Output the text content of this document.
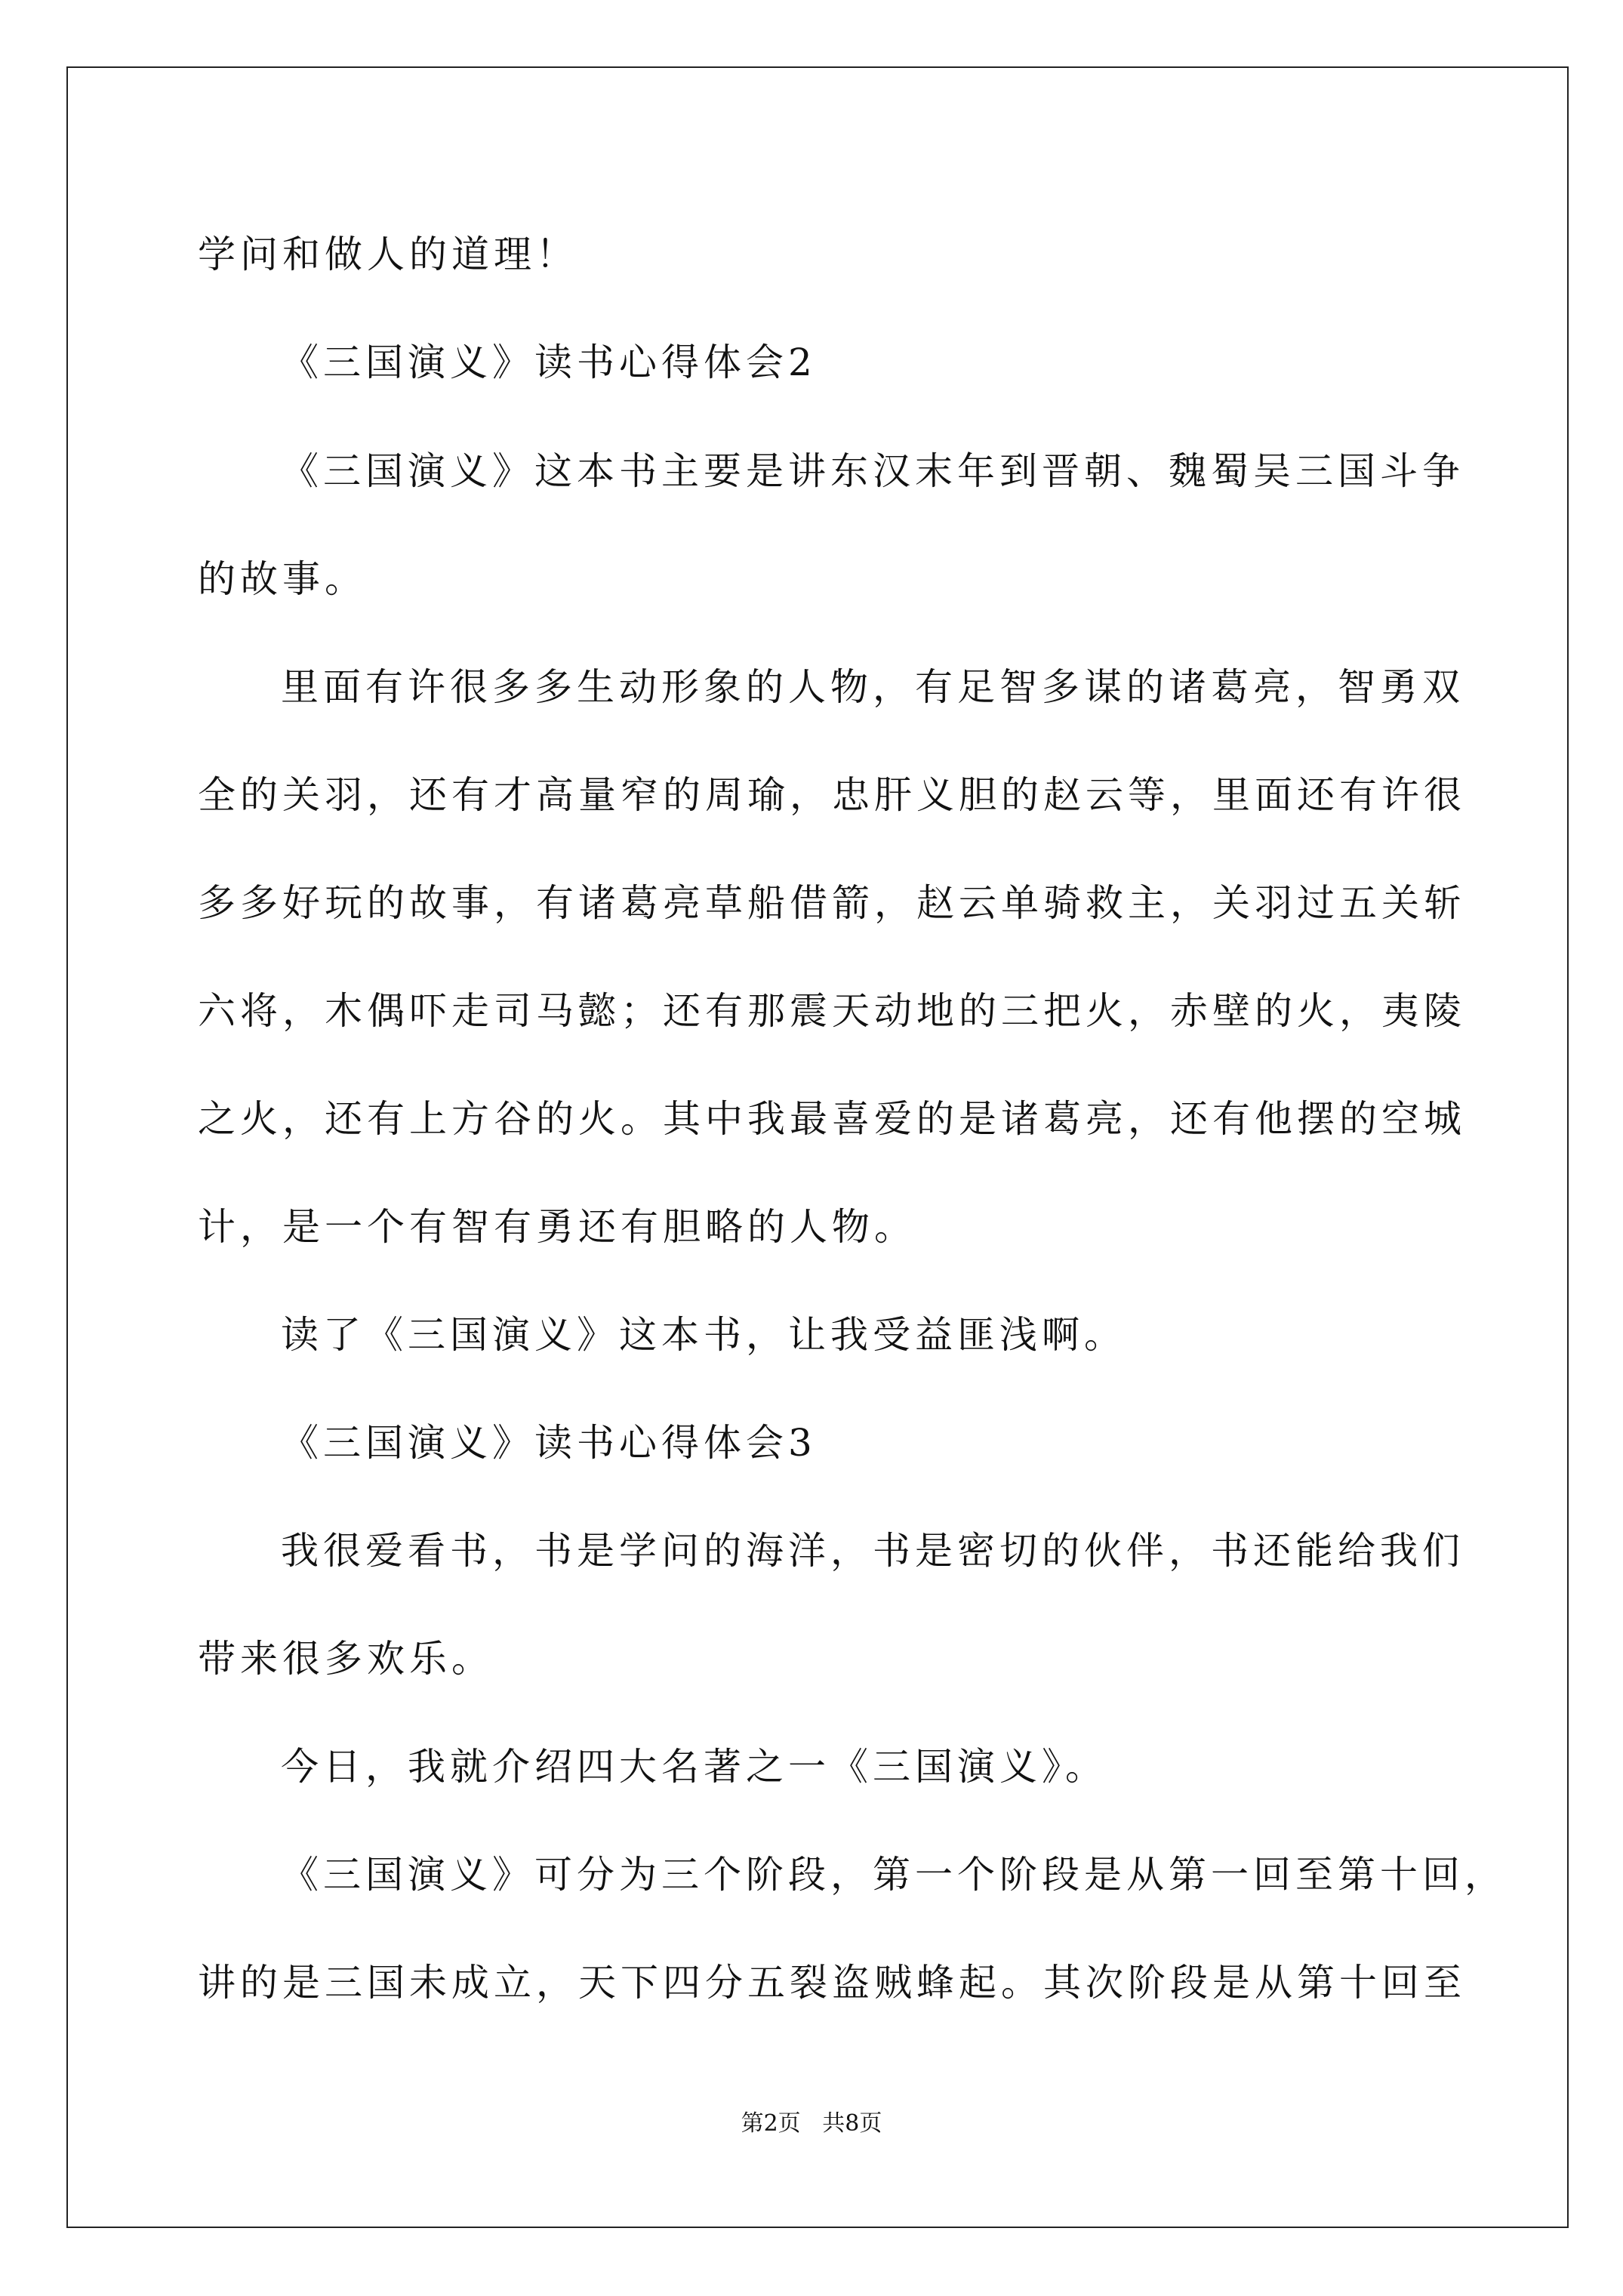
学问和做人的道理！
《三国演义》读书心得体会2
《三国演义》这本书主要是讲东汉末年到晋朝、魏蜀吴三国斗争
的故事。
里面有许很多多生动形象的人物，有足智多谋的诸葛亮，智勇双
全的关羽，还有才高量窄的周瑜，忠肝义胆的赵云等，里面还有许很
多多好玩的故事，有诸葛亮草船借箭，赵云单骑救主，关羽过五关斩
六将，木偶吓走司马懿；还有那震天动地的三把火，赤壁的火，夷陵
之火，还有上方谷的火。其中我最喜爱的是诸葛亮，还有他摆的空城
计，是一个有智有勇还有胆略的人物。
读了《三国演义》这本书，让我受益匪浅啊。
《三国演义》读书心得体会3
我很爱看书，书是学问的海洋，书是密切的伙伴，书还能给我们
带来很多欢乐。
今日，我就介绍四大名著之一《三国演义》。
《三国演义》可分为三个阶段，第一个阶段是从第一回至第十回，
讲的是三国未成立，天下四分五裂盗贼蜂起。其次阶段是从第十回至
第2页   共8页
